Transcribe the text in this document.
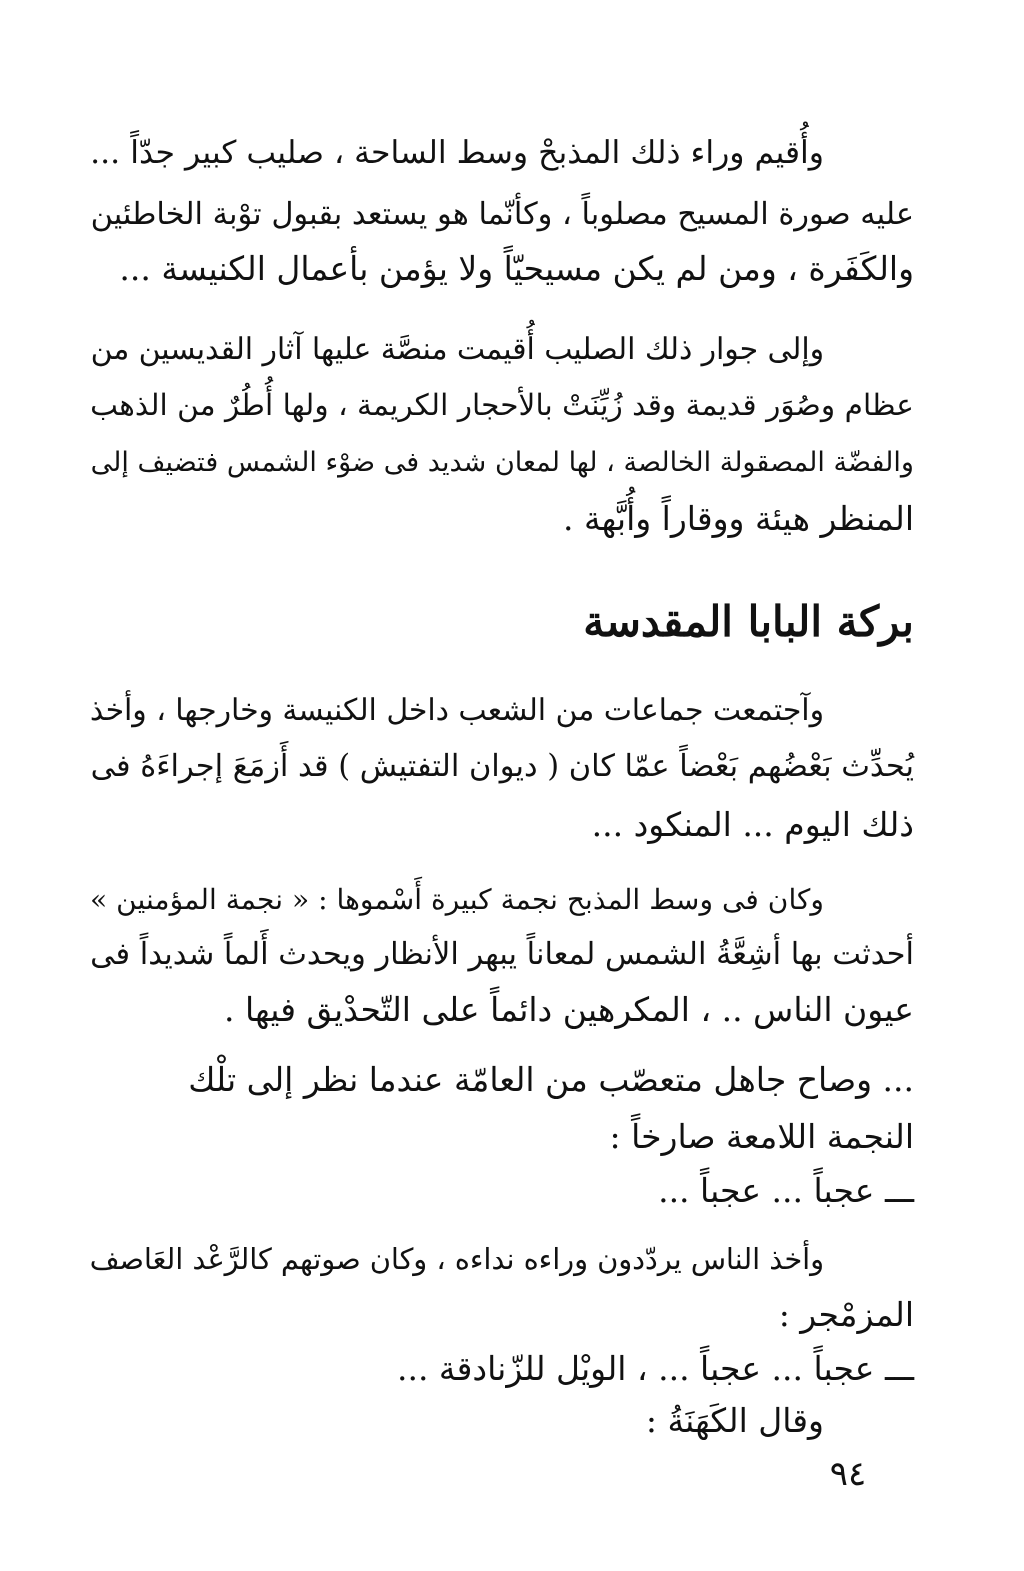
وأُقيم وراء ذلك المذبحْ وسط الساحة ، صليب كبير جدّاً ...
عليه صورة المسيح مصلوباً ، وكأنّما هو يستعد بقبول توْبة الخاطئين
والكَفَرة ، ومن لم يكن مسيحيّاً ولا يؤمن بأعمال الكنيسة ...
وإلى جوار ذلك الصليب أُقيمت منصَّة عليها آثار القديسين من
عظام وصُوَر قديمة وقد زُيِّنَتْ بالأحجار الكريمة ، ولها أُطُرٌ من الذهب
والفضّة المصقولة الخالصة ، لها لمعان شديد فى ضوْء الشمس فتضيف إلى
المنظر هيئة ووقاراً وأُبَّهة .
بركة البابا المقدسة
وآجتمعت جماعات من الشعب داخل الكنيسة وخارجها ، وأخذ
يُحدِّث بَعْضُهم بَعْضاً عمّا كان ( ديوان التفتيش ) قد أَزمَعَ إجراءَهُ فى
ذلك اليوم ... المنكود ...
وكان فى وسط المذبح نجمة كبيرة أَسْموها : « نجمة المؤمنين »
أحدثت بها أشِعَّةُ الشمس لمعاناً يبهر الأنظار ويحدث أَلماً شديداً فى
عيون الناس .. ، المكرهين دائماً على التّحدْيق فيها .
... وصاح جاهل متعصّب من العامّة عندما نظر إلى تلْك
النجمة اللامعة صارخاً :
ـــ عجباً ... عجباً ...
وأخذ الناس يردّدون وراءه نداءه ، وكان صوتهم كالرَّعْد العَاصف
المزمْجر :
ـــ عجباً ... عجباً ... ، الويْل للزّنادقة ...
وقال الكَهَنَةُ :
٩٤
